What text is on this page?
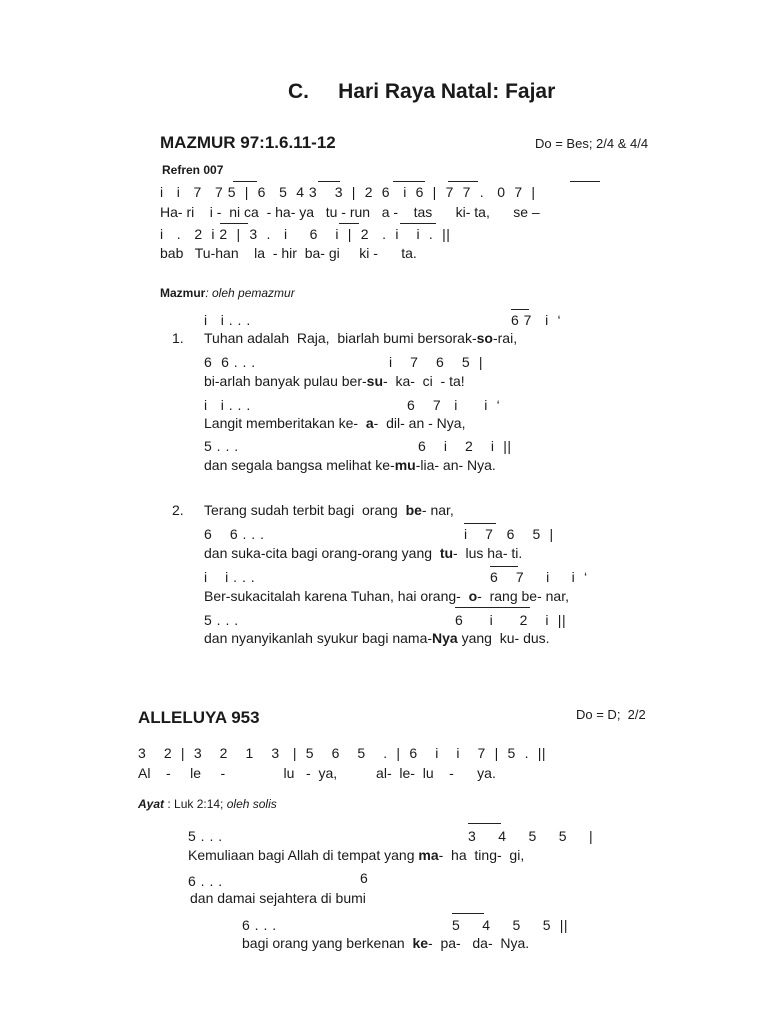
C.     Hari Raya Natal: Fajar
MAZMUR 97:1.6.11-12	Do = Bes; 2/4 & 4/4
Refren 007
i   i   7   7 5  |  6   5  4 3    3  |  2  6   i  6  |  7  7  .   0  7  |
Ha- ri    i -  ni ca  - ha- ya   tu - run   a -    tas      ki- ta,      se –
i   .   2  i 2  |  3  .   i     6    i  |  2   .  i    i  .  ||
bab   Tu-han    la  - hir  ba- gi     ki -      ta.
Mazmur: oleh pemazmur
i   i . . .	6 7   i  ‘
1. Tuhan adalah  Raja,  biarlah bumi bersorak-so-rai,
6  6 . . .	i    7    6    5  |
bi-arlah banyak pulau ber-su-  ka-  ci  - ta!
i   i . . .	6    7   i      i  ‘
Langit memberitakan ke-  a-  dil- an - Nya,
5 . . .	6    i    2    i  ||
dan segala bangsa melihat ke-mu-lia- an- Nya.
2. Terang sudah terbit bagi  orang  be- nar,
6    6 . . .	i    7   6    5  |
dan suka-cita bagi orang-orang yang  tu-  lus ha- ti.
i    i . . .	6    7     i     i  ‘
Ber-sukacitalah karena Tuhan, hai orang-  o-  rang be- nar,
5 . . .	6      i      2    i  ||
dan nyanyikanlah syukur bagi nama-Nya yang  ku- dus.
ALLELUYA 953	Do = D;  2/2
3    2  |  3    2    1    3   |  5    6    5    .  |  6    i    i    7  |  5  .  ||
Al    -     le     -               lu   -  ya,          al-  le-  lu    -      ya.
Ayat : Luk 2:14; oleh solis
5 . . .	3     4     5     5     |
Kemuliaan bagi Allah di tempat yang ma-  ha  ting-  gi,
6 . . .	6
dan damai sejahtera di bumi
6 . . .	5     4     5     5  ||
bagi orang yang berkenan  ke-  pa-   da-  Nya.
